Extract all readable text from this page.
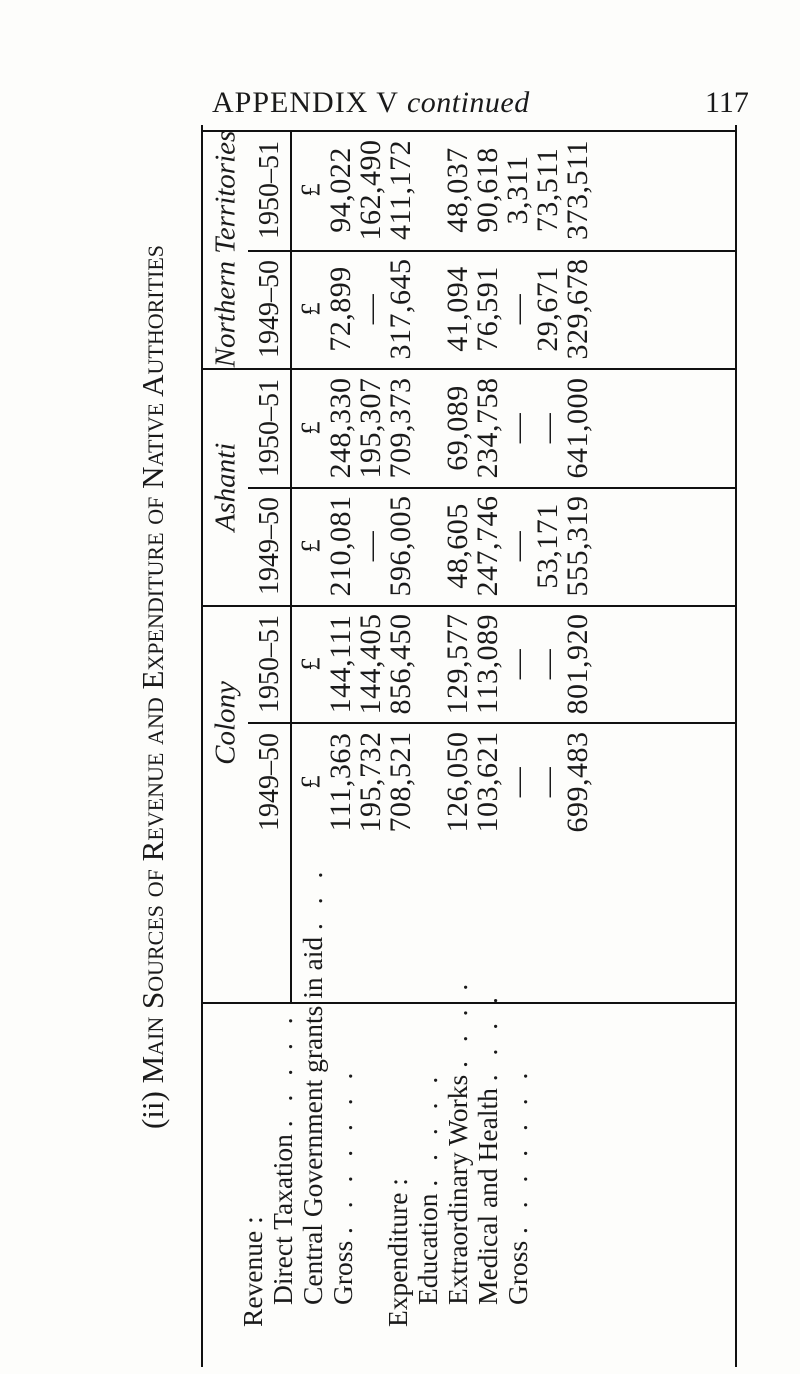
APPENDIX V continued	117
(ii) Main Sources of Revenue and Expenditure of Native Authorities Northern Territories
Ashanti
Colony
1950–51 £
94,022
162,490
411,172 48,037
90,618
3,311
73,511
373,511
1949–50 £
72,899
—
317,645 41,094
76,591
—
29,671
329,678
1950–51 £
248,330
195,307
709,373 69,089
234,758
—
—
641,000
1949–50 £
210,081
—
596,005 48,605
247,746
—
53,171
555,319
1950–51 £
144,111
144,405
856,450 129,577
113,089
—
—
801,920
1949–50 £
111,363
195,732
708,521 126,050
103,621
—
—
699,483
Revenue : Direct Taxation . . . . . Central Government grants in aid . . .
Gross . . . . . . .
Expenditure : Education . . . . . Extraordinary Works . . . .
Medical and Health . . . .
Gross . . . . . . .
